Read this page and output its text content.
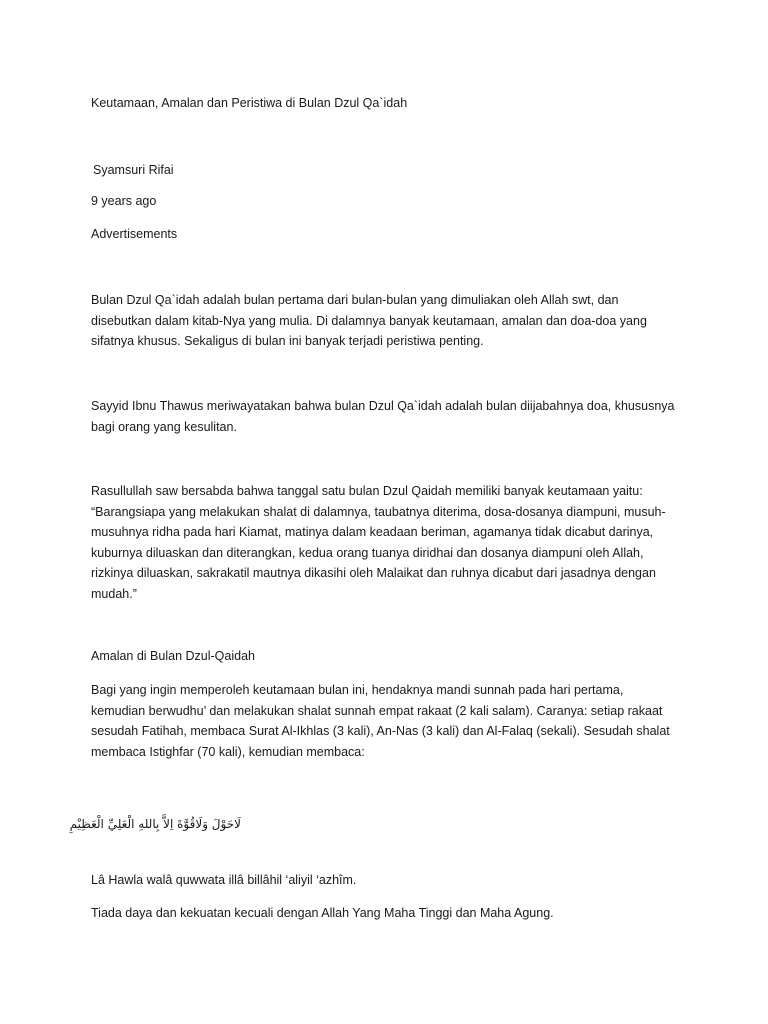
Keutamaan, Amalan dan Peristiwa di Bulan Dzul Qa`idah

Syamsuri Rifai

9 years ago

Advertisements

Bulan Dzul Qa`idah adalah bulan pertama dari bulan-bulan yang dimuliakan oleh Allah swt, dan
disebutkan dalam kitab-Nya yang mulia. Di dalamnya banyak keutamaan, amalan dan doa-doa yang
sifatnya khusus. Sekaligus di bulan ini banyak terjadi peristiwa penting.
Sayyid Ibnu Thawus meriwayatakan bahwa bulan Dzul Qa`idah adalah bulan diijabahnya doa, khususnya
bagi orang yang kesulitan.
Rasullullah saw bersabda bahwa tanggal satu bulan Dzul Qaidah memiliki banyak keutamaan yaitu:
“Barangsiapa yang melakukan shalat di dalamnya, taubatnya diterima, dosa-dosanya diampuni, musuh-
musuhnya ridha pada hari Kiamat, matinya dalam keadaan beriman, agamanya tidak dicabut darinya,
kuburnya diluaskan dan diterangkan, kedua orang tuanya diridhai dan dosanya diampuni oleh Allah,
rizkinya diluaskan, sakrakatil mautnya dikasihi oleh Malaikat dan ruhnya dicabut dari jasadnya dengan
mudah.”

Amalan di Bulan Dzul-Qaidah

Bagi yang ingin memperoleh keutamaan bulan ini, hendaknya mandi sunnah pada hari pertama,
kemudian berwudhu’ dan melakukan shalat sunnah empat rakaat (2 kali salam). Caranya: setiap rakaat
sesudah Fatihah, membaca Surat Al-Ikhlas (3 kali), An-Nas (3 kali) dan Al-Falaq (sekali). Sesudah shalat
membaca Istighfar (70 kali), kemudian membaca:

لَاحَوْلَ وَلَاقُوَّةَ اِلاَّ بِاللهِ الْعَلِيِّ الْعَظِيْمِ

Lâ Hawla walâ quwwata illâ billâhil ‘aliyil ‘azhîm.

Tiada daya dan kekuatan kecuali dengan Allah Yang Maha Tinggi dan Maha Agung.
